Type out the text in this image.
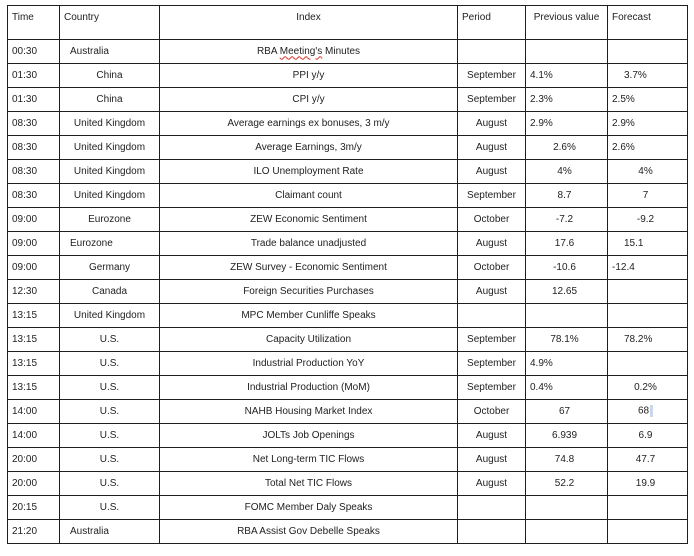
Time	Country	Index	Period	Previous value	Forecast
00:30	Australia	RBA Meeting's Minutes			
01:30	China	PPI y/y	September	4.1%	3.7%
01:30	China	CPI y/y	September	2.3%	2.5%
08:30	United Kingdom	Average earnings ex bonuses, 3 m/y	August	2.9%	2.9%
08:30	United Kingdom	Average Earnings, 3m/y	August	2.6%	2.6%
08:30	United Kingdom	ILO Unemployment Rate	August	4%	4%
08:30	United Kingdom	Claimant count	September	8.7	7
09:00	Eurozone	ZEW Economic Sentiment	October	-7.2	-9.2
09:00	Eurozone	Trade balance unadjusted	August	17.6	15.1
09:00	Germany	ZEW Survey - Economic Sentiment	October	-10.6	-12.4
12:30	Canada	Foreign Securities Purchases	August	12.65	
13:15	United Kingdom	MPC Member Cunliffe Speaks			
13:15	U.S.	Capacity Utilization	September	78.1%	78.2%
13:15	U.S.	Industrial Production YoY	September	4.9%	
13:15	U.S.	Industrial Production (MoM)	September	0.4%	0.2%
14:00	U.S.	NAHB Housing Market Index	October	67	68
14:00	U.S.	JOLTs Job Openings	August	6.939	6.9
20:00	U.S.	Net Long-term TIC Flows	August	74.8	47.7
20:00	U.S.	Total Net TIC Flows	August	52.2	19.9
20:15	U.S.	FOMC Member Daly Speaks			
21:20	Australia	RBA Assist Gov Debelle Speaks			
